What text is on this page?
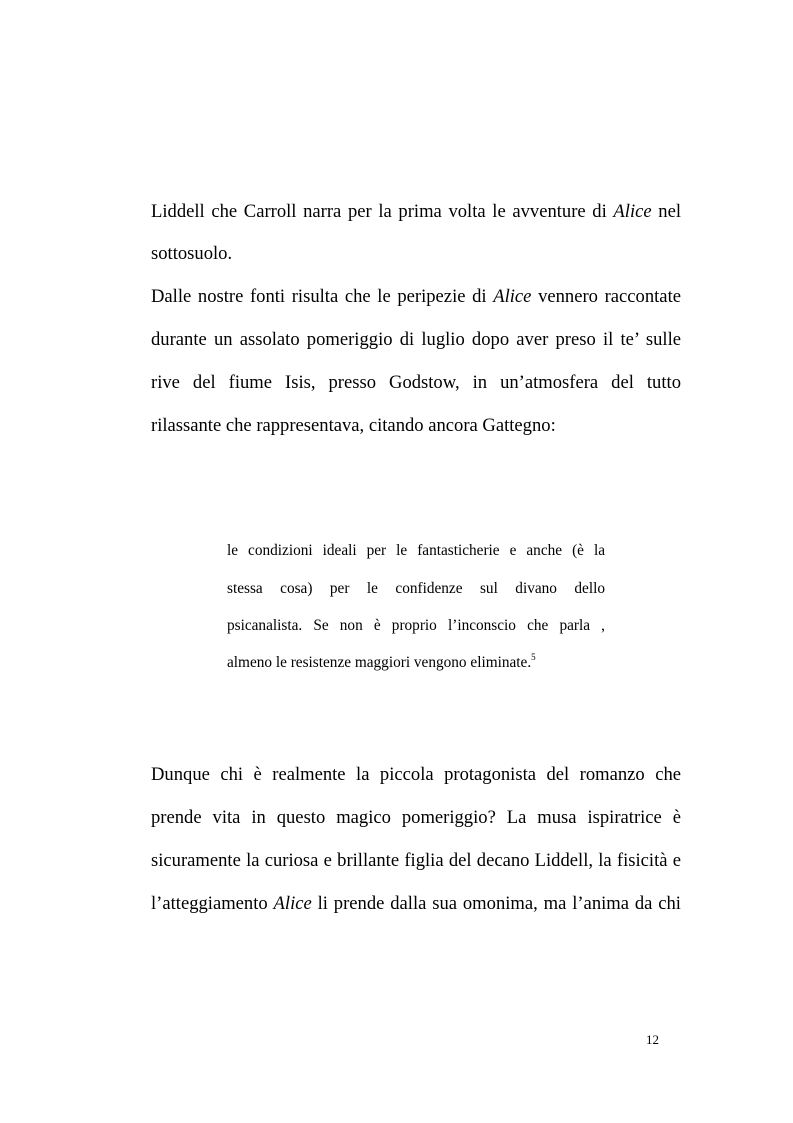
Liddell che Carroll narra per la prima volta le avventure di Alice nel
sottosuolo.
Dalle nostre fonti risulta che le peripezie di Alice vennero raccontate
durante un assolato pomeriggio di luglio dopo aver preso il te’ sulle
rive del fiume Isis, presso Godstow, in un’atmosfera del tutto
rilassante che rappresentava, citando ancora Gattegno:
le condizioni ideali per le fantasticherie e anche (è la
stessa cosa) per le confidenze sul divano dello
psicanalista. Se non è proprio l’inconscio che parla ,
almeno le resistenze maggiori vengono eliminate.$^5$
Dunque chi è realmente la piccola protagonista del romanzo che
prende vita in questo magico pomeriggio? La musa ispiratrice è
sicuramente la curiosa e brillante figlia del decano Liddell, la fisicità e
l’atteggiamento Alice li prende dalla sua omonima, ma l’anima da chi
12
